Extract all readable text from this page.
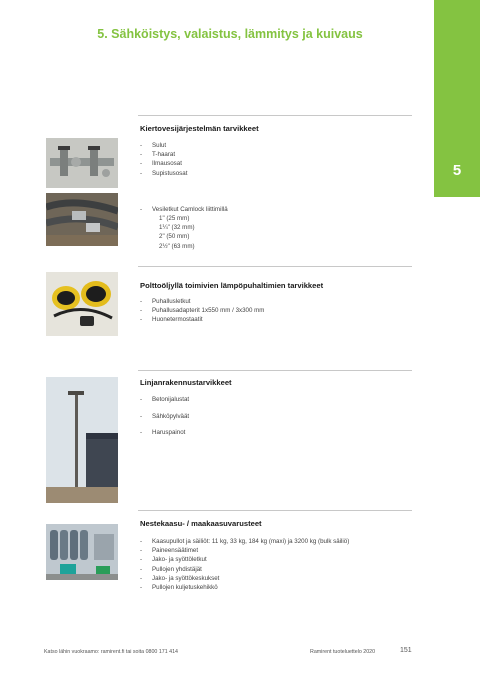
5
5. Sähköistys, valaistus, lämmitys ja kuivaus
Kiertovesijärjestelmän tarvikkeet
- Sulut
- T-haarat
- Ilmausosat
- Supistusosat
- Vesiletkut Camlock liittimillä
1" (25 mm)
1¼" (32 mm)
2" (50 mm)
2½" (63 mm)
Polttoöljyllä toimivien lämpöpuhaltimien tarvikkeet
- Puhallusletkut
- Puhallusadapterit 1x550 mm / 3x300 mm
- Huonetermostaatit
Linjanrakennustarvikkeet
- Betonijalustat
- Sähköpylväät
- Haruspainot
Nestekaasu- / maakaasuvarusteet
- Kaasupullot ja säiliöt: 11 kg, 33 kg, 184 kg (maxi) ja 3200 kg (bulk säiliö)
- Paineensäätimet
- Jako- ja syöttöletkut
- Pullojen yhdistäjät
- Jako- ja syöttökeskukset
- Pullojen kuljetuskehikkö
Katso lähin vuokraamo: ramirent.fi tai soita 0800 171 414	Ramirent tuoteluettelo 2020	151
